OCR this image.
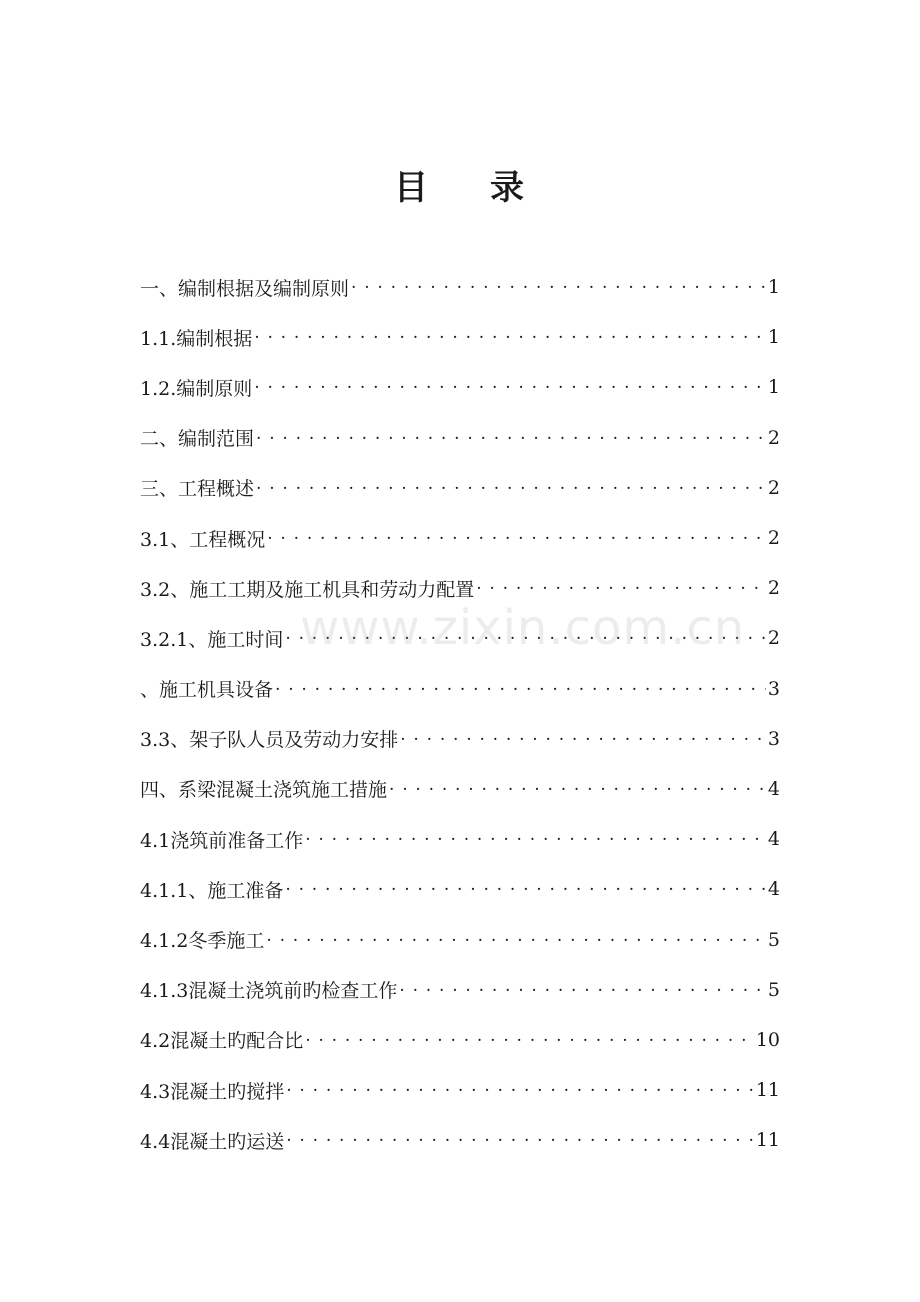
目 录
一、编制根据及编制原则 . . .	1
1.1.编制根据 . . .	1
1.2.编制原则 . . .	1
二、编制范围 . . .	2
三、工程概述 . . .	2
3.1、工程概况 . . .	2
3.2、施工工期及施工机具和劳动力配置 . . .	2
3.2.1、施工时间 . . .	2
、施工机具设备 . . .	3
3.3、架子队人员及劳动力安排 . . .	3
四、系梁混凝土浇筑施工措施 . . .	4
4.1浇筑前准备工作 . . .	4
4.1.1、施工准备 . . .	4
4.1.2冬季施工 . . .	5
4.1.3混凝土浇筑前旳检查工作 . . .	5
4.2混凝土旳配合比 . . .	10
4.3混凝土旳搅拌 . . .	11
4.4混凝土旳运送 . . .	11
www.zixin.com.cn
